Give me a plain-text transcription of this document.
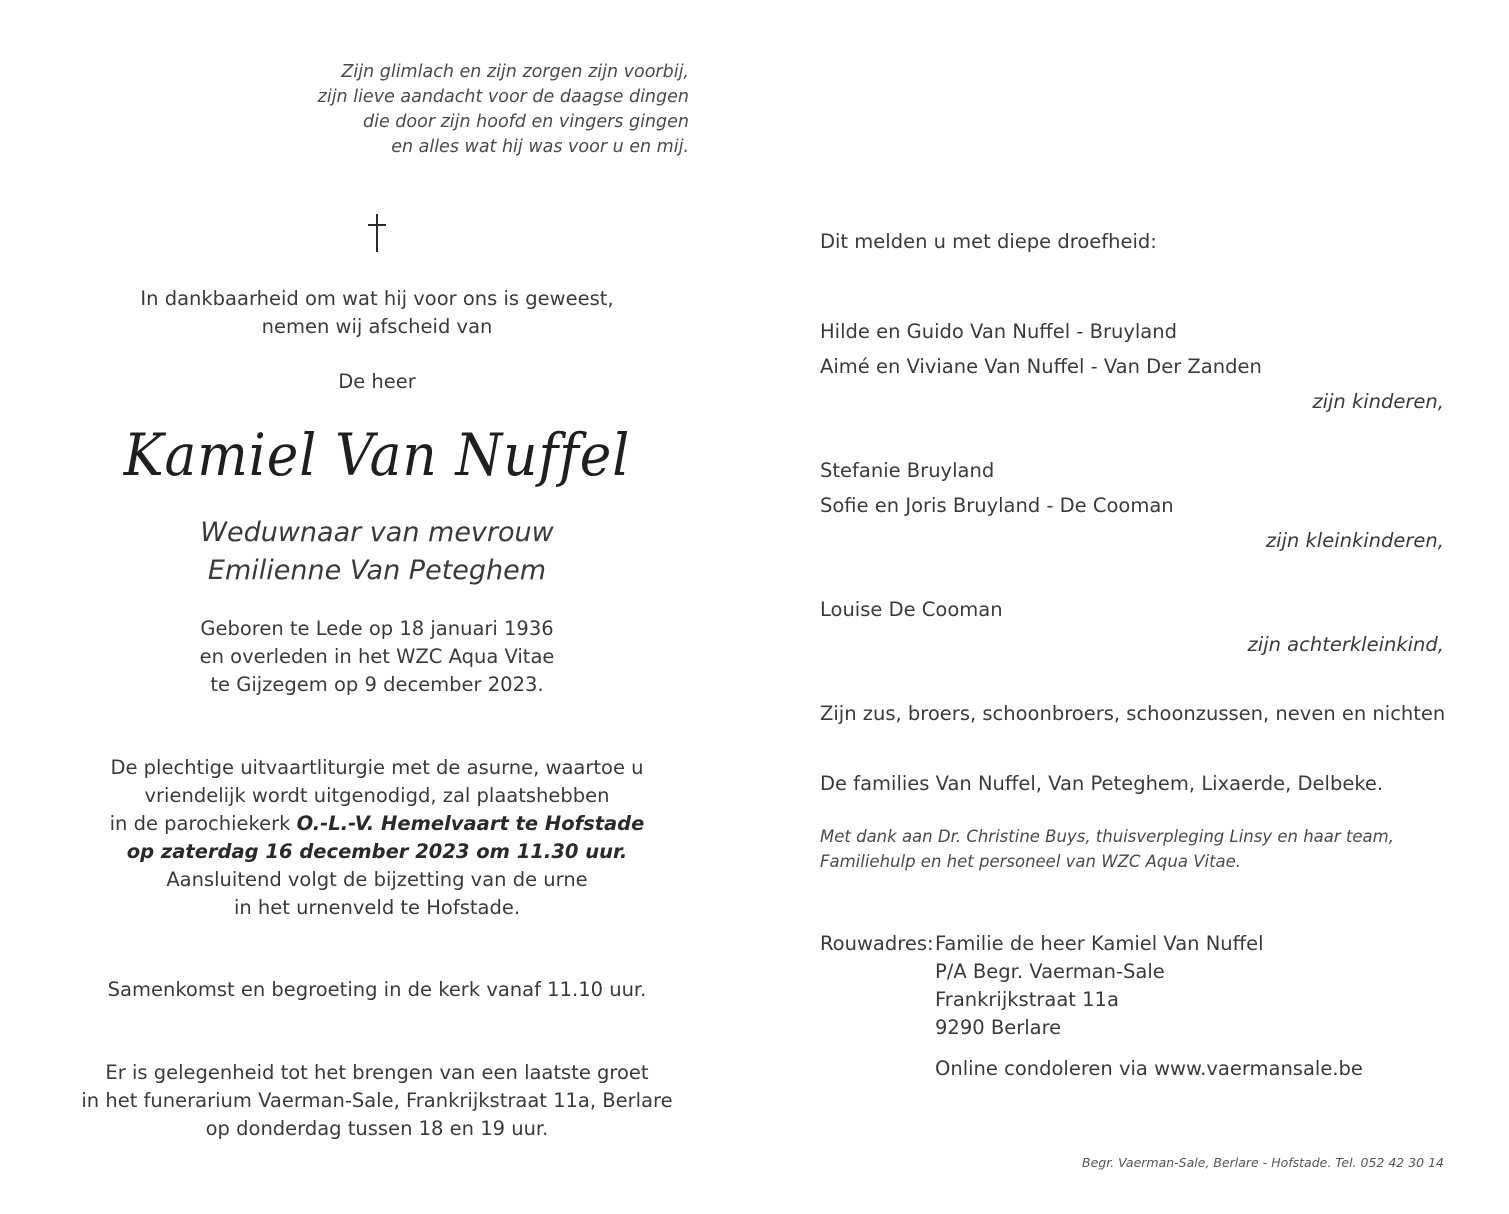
Zijn glimlach en zijn zorgen zijn voorbij,
zijn lieve aandacht voor de daagse dingen
die door zijn hoofd en vingers gingen
en alles wat hij was voor u en mij.
In dankbaarheid om wat hij voor ons is geweest,
nemen wij afscheid van
De heer
Kamiel Van Nuffel
Weduwnaar van mevrouw
Emilienne Van Peteghem
Geboren te Lede op 18 januari 1936
en overleden in het WZC Aqua Vitae
te Gijzegem op 9 december 2023.
De plechtige uitvaartliturgie met de asurne, waartoe u
vriendelijk wordt uitgenodigd, zal plaatshebben
in de parochiekerk O.-L.-V. Hemelvaart te Hofstade
op zaterdag 16 december 2023 om 11.30 uur.
Aansluitend volgt de bijzetting van de urne
in het urnenveld te Hofstade.
Samenkomst en begroeting in de kerk vanaf 11.10 uur.
Er is gelegenheid tot het brengen van een laatste groet
in het funerarium Vaerman-Sale, Frankrijkstraat 11a, Berlare
op donderdag tussen 18 en 19 uur.
Dit melden u met diepe droefheid:
Hilde en Guido Van Nuffel - Bruyland
Aimé en Viviane Van Nuffel - Van Der Zanden
zijn kinderen,
Stefanie Bruyland
Sofie en Joris Bruyland - De Cooman
zijn kleinkinderen,
Louise De Cooman
zijn achterkleinkind,
Zijn zus, broers, schoonbroers, schoonzussen, neven en nichten
De families Van Nuffel, Van Peteghem, Lixaerde, Delbeke.
Met dank aan Dr. Christine Buys, thuisverpleging Linsy en haar team,
Familiehulp en het personeel van WZC Aqua Vitae.
Rouwadres: Familie de heer Kamiel Van Nuffel
P/A Begr. Vaerman-Sale
Frankrijkstraat 11a
9290 Berlare
Online condoleren via www.vaermansale.be
Begr. Vaerman-Sale, Berlare - Hofstade. Tel. 052 42 30 14
